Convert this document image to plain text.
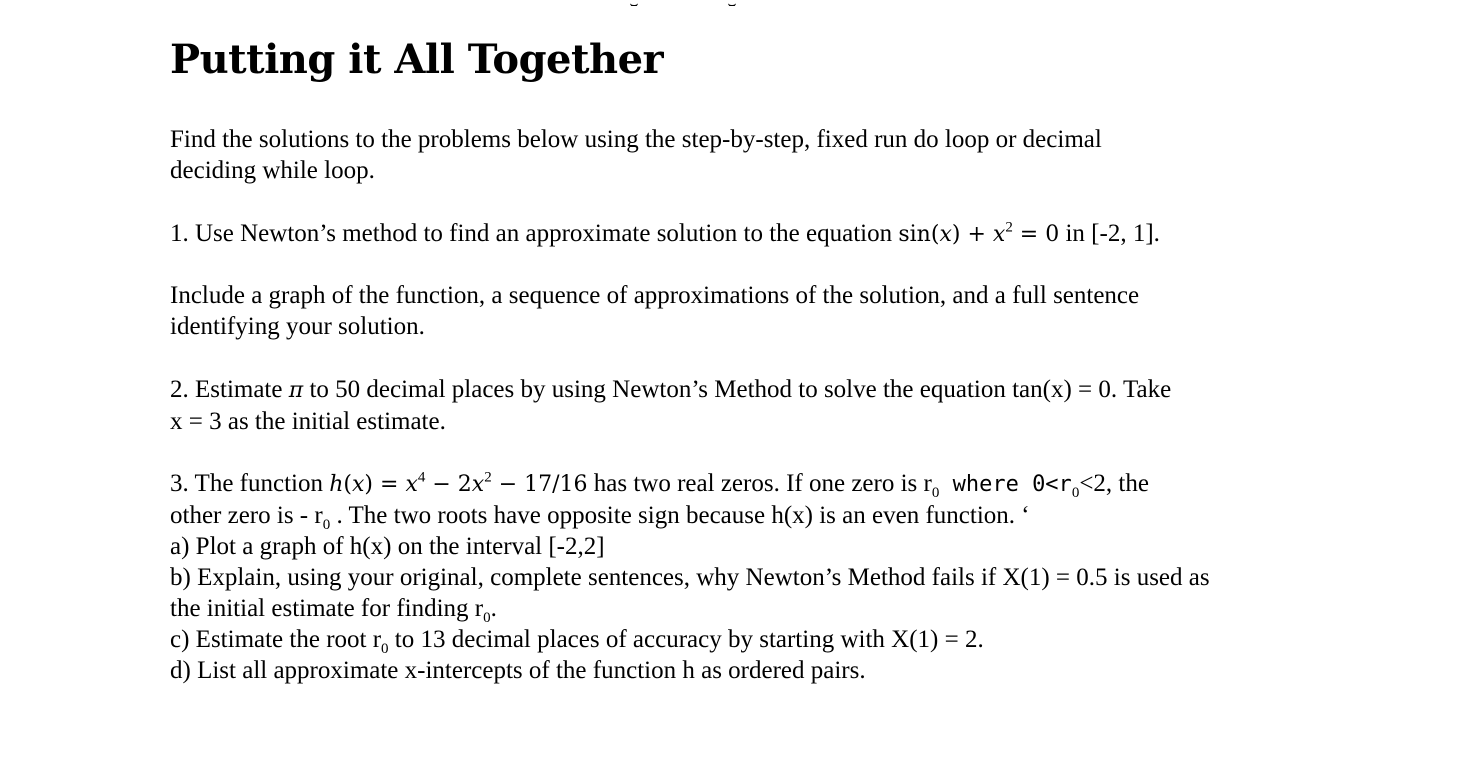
Putting it All Together

Find the solutions to the problems below using the step-by-step, fixed run do loop or decimal
deciding while loop.

1. Use Newton’s method to find an approximate solution to the equation $\sin(x) + x^2 = 0$ in [-2, 1].

Include a graph of the function, a sequence of approximations of the solution, and a full sentence
identifying your solution.

2. Estimate π to 50 decimal places by using Newton’s Method to solve the equation tan(x) = 0. Take
x = 3 as the initial estimate.

3. The function $h(x) = x^4 - 2x^2 - 17/16$ has two real zeros. If one zero is $r_0$ where $0<r_0<2$, the
other zero is - $r_0$ . The two roots have opposite sign because h(x) is an even function. ‘
a) Plot a graph of h(x) on the interval [-2,2]
b) Explain, using your original, complete sentences, why Newton’s Method fails if X(1) = 0.5 is used as
the initial estimate for finding $r_0$.
c) Estimate the root $r_0$ to 13 decimal places of accuracy by starting with X(1) = 2.
d) List all approximate x-intercepts of the function h as ordered pairs.
